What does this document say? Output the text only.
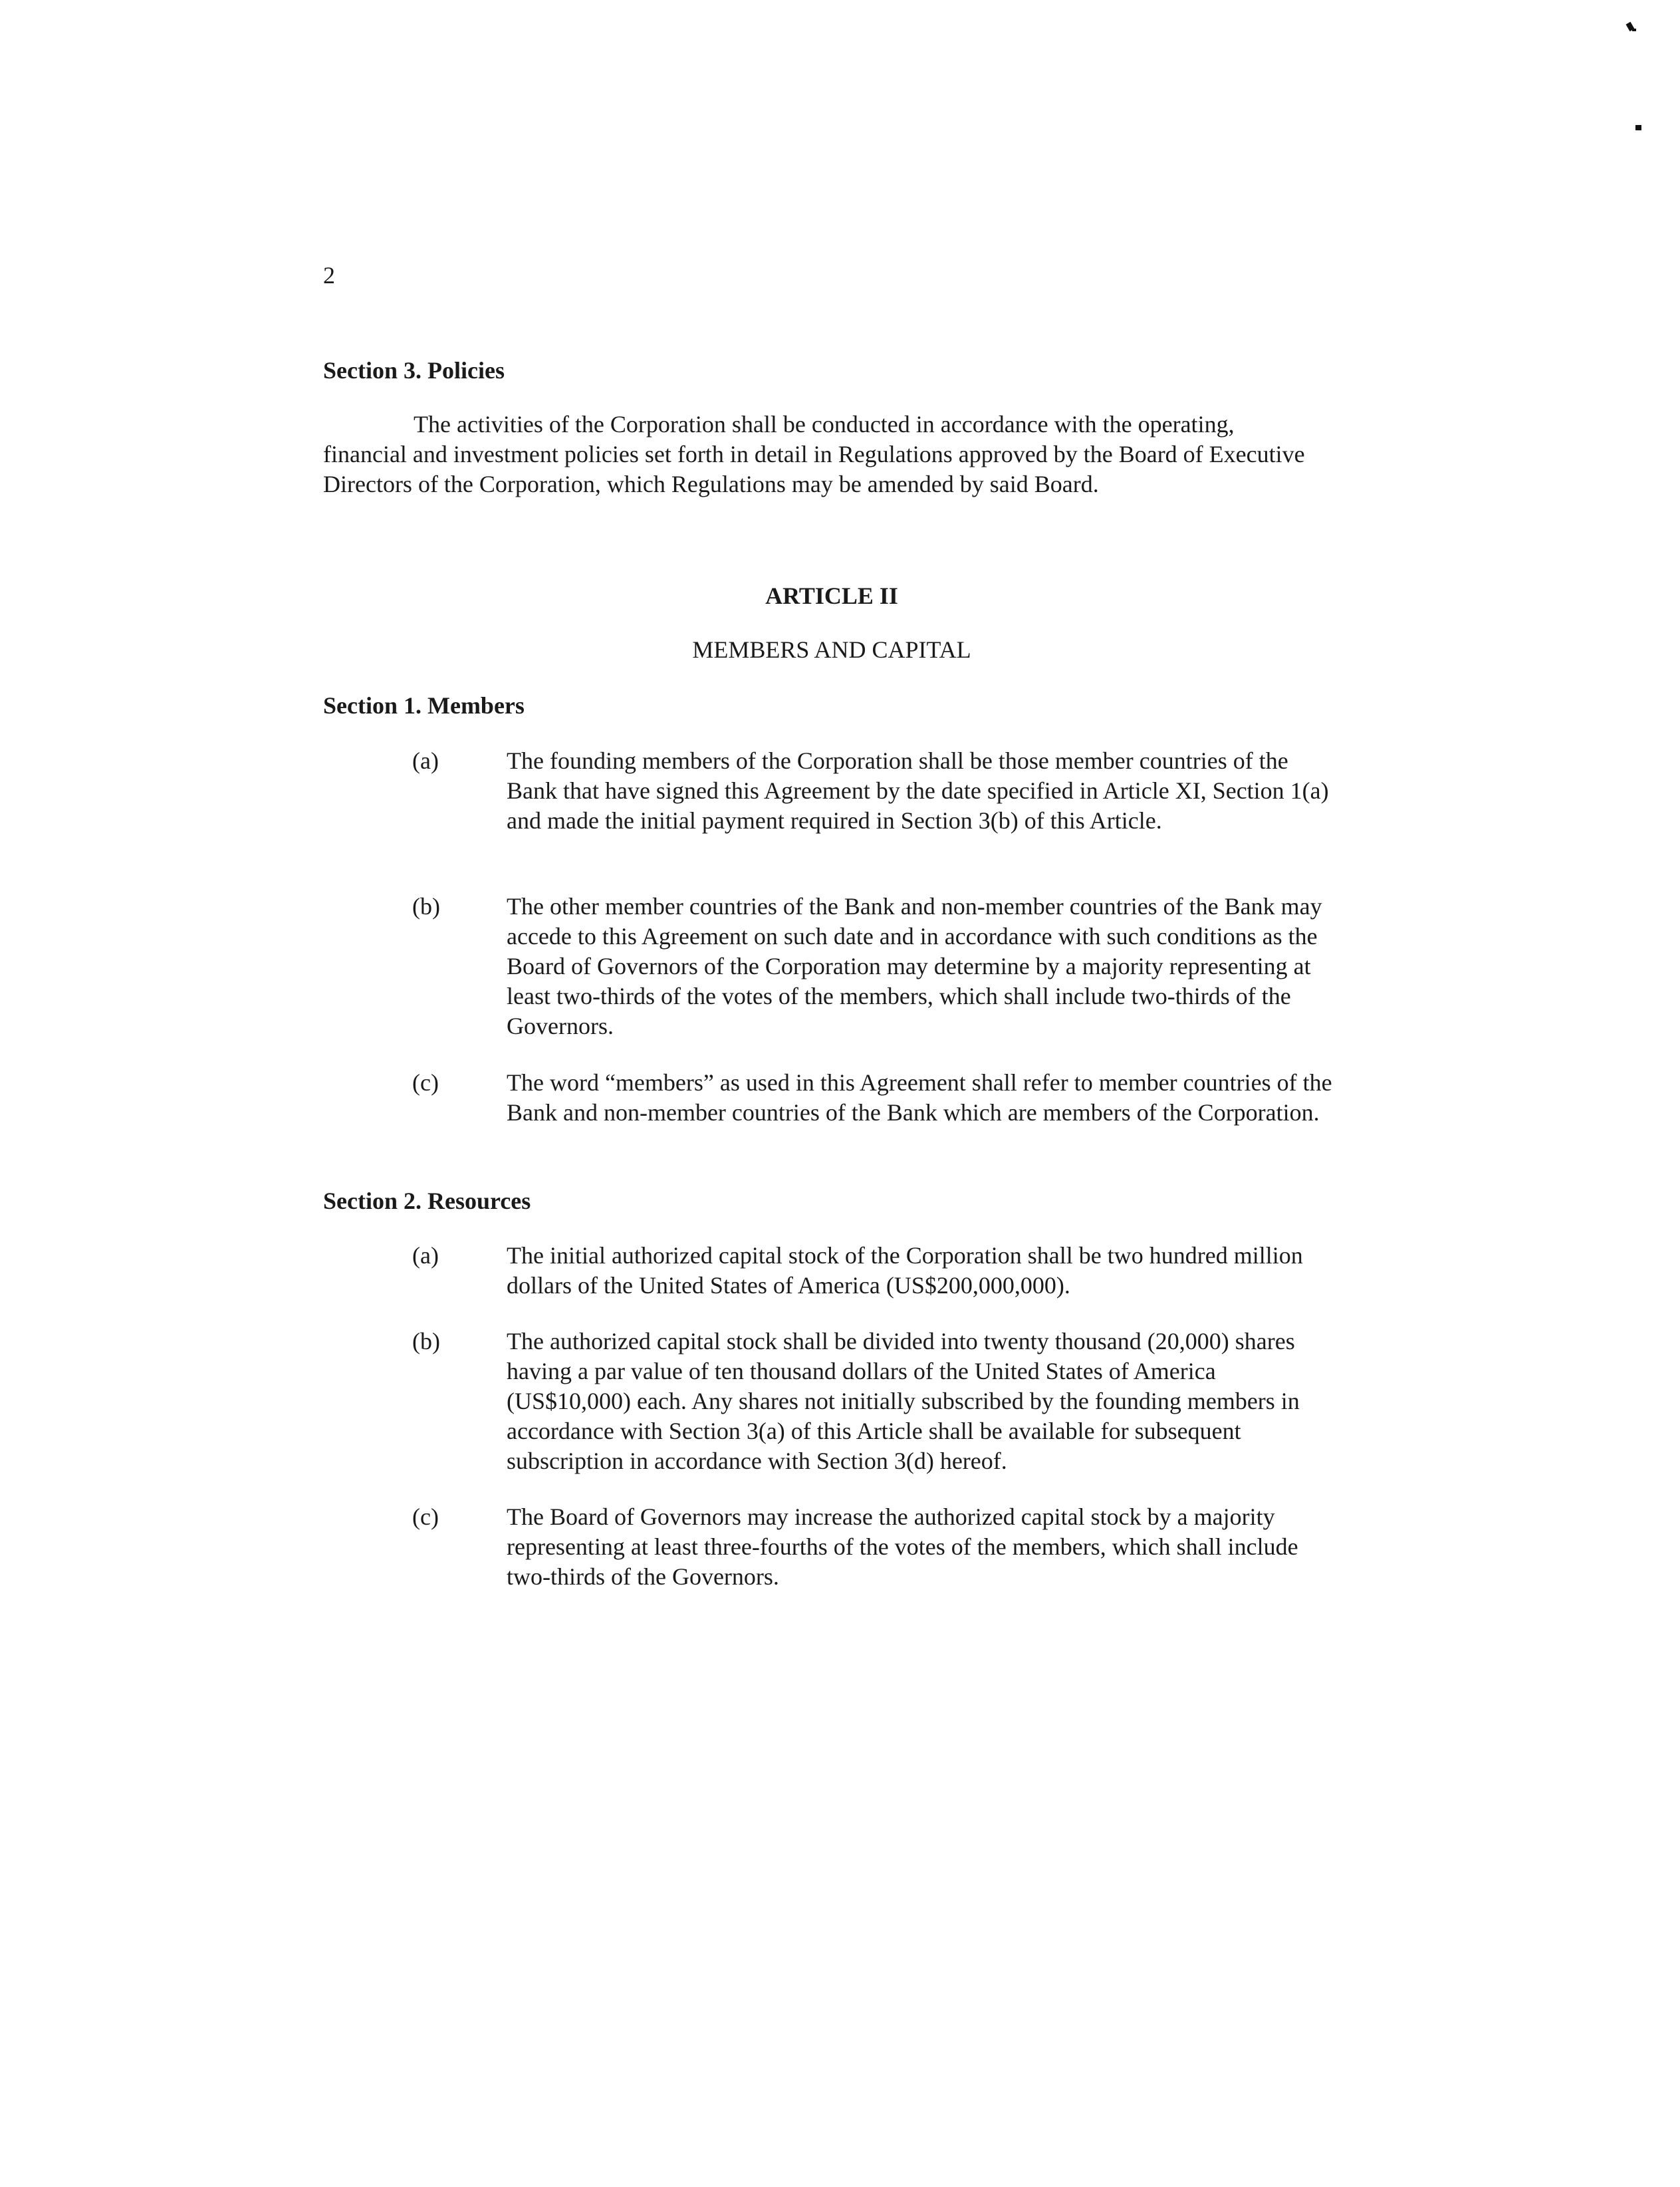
2
Section 3. Policies
The activities of the Corporation shall be conducted in accordance with the operating, financial and investment policies set forth in detail in Regulations approved by the Board of Executive Directors of the Corporation, which Regulations may be amended by said Board.
ARTICLE II
MEMBERS AND CAPITAL
Section 1. Members
(a)	The founding members of the Corporation shall be those member countries of the Bank that have signed this Agreement by the date specified in Article XI, Section 1(a) and made the initial payment required in Section 3(b) of this Article.
(b)	The other member countries of the Bank and non-member countries of the Bank may accede to this Agreement on such date and in accordance with such conditions as the Board of Governors of the Corporation may determine by a majority representing at least two-thirds of the votes of the members, which shall include two-thirds of the Governors.
(c)	The word “members” as used in this Agreement shall refer to member countries of the Bank and non-member countries of the Bank which are members of the Corporation.
Section 2. Resources
(a)	The initial authorized capital stock of the Corporation shall be two hundred million dollars of the United States of America (US$200,000,000).
(b)	The authorized capital stock shall be divided into twenty thousand (20,000) shares having a par value of ten thousand dollars of the United States of America (US$10,000) each. Any shares not initially subscribed by the founding members in accordance with Section 3(a) of this Article shall be available for subsequent subscription in accordance with Section 3(d) hereof.
(c)	The Board of Governors may increase the authorized capital stock by a majority representing at least three-fourths of the votes of the members, which shall include two-thirds of the Governors.
